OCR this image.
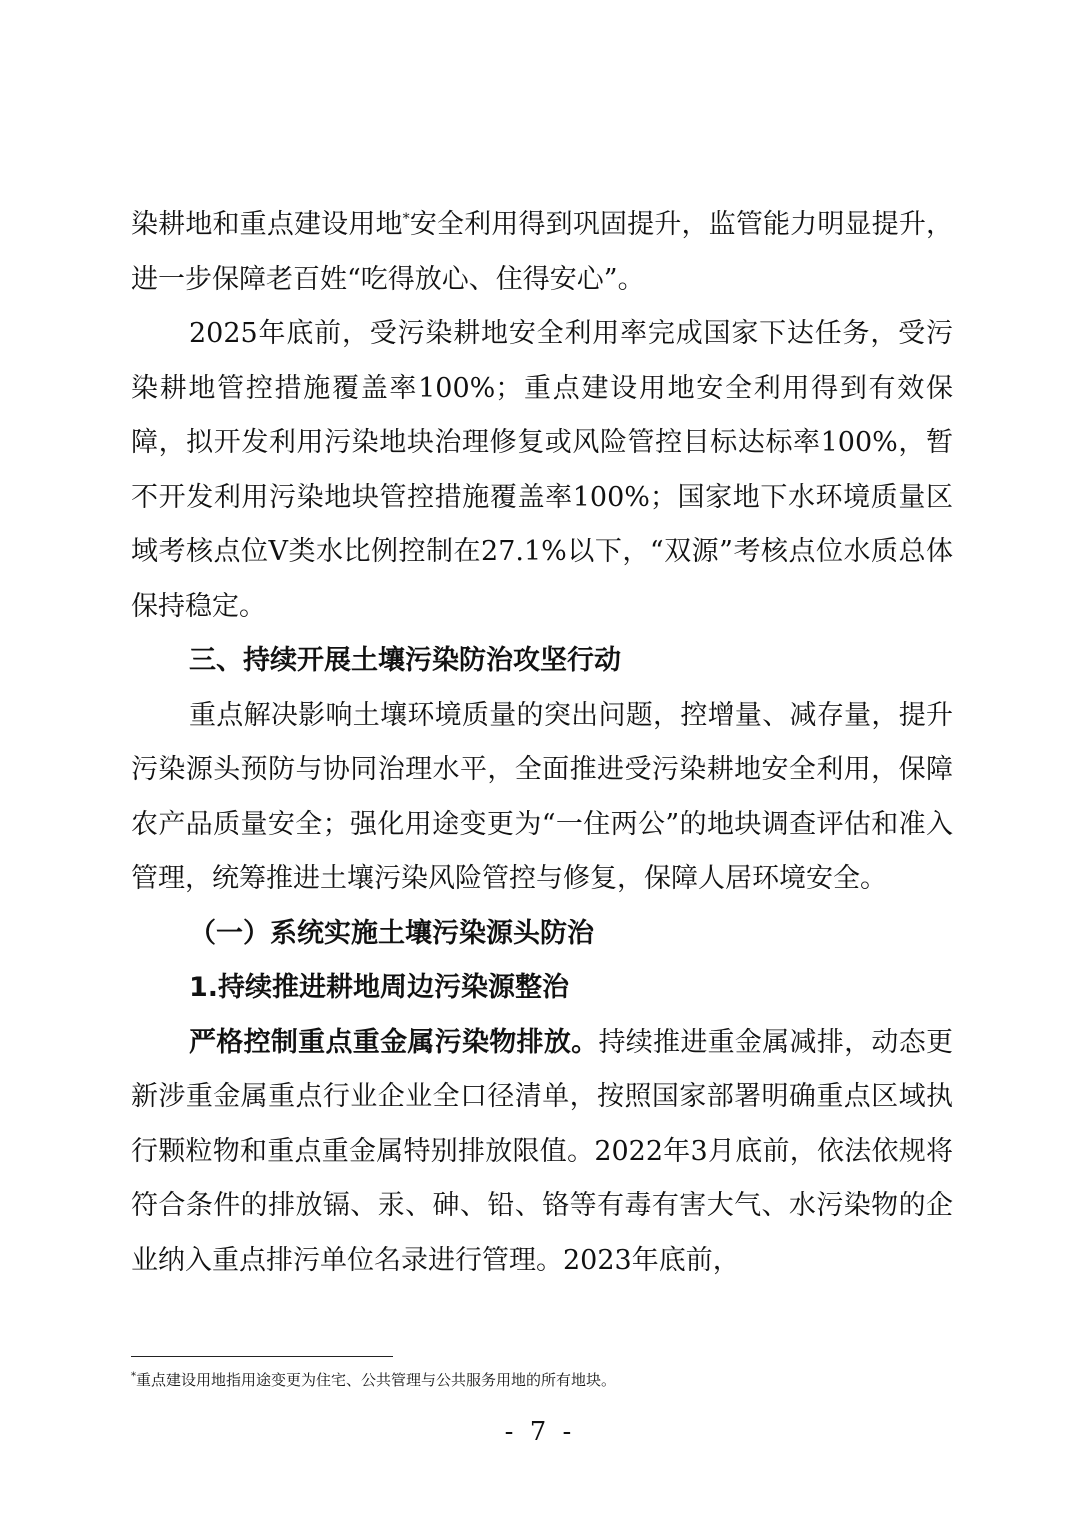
染耕地和重点建设用地*安全利用得到巩固提升，监管能力明显提升，进一步保障老百姓“吃得放心、住得安心”。

2025年底前，受污染耕地安全利用率完成国家下达任务，受污染耕地管控措施覆盖率100%；重点建设用地安全利用得到有效保障，拟开发利用污染地块治理修复或风险管控目标达标率100%，暂不开发利用污染地块管控措施覆盖率100%；国家地下水环境质量区域考核点位Ⅴ类水比例控制在27.1%以下，“双源”考核点位水质总体保持稳定。

三、持续开展土壤污染防治攻坚行动

重点解决影响土壤环境质量的突出问题，控增量、减存量，提升污染源头预防与协同治理水平，全面推进受污染耕地安全利用，保障农产品质量安全；强化用途变更为“一住两公”的地块调查评估和准入管理，统筹推进土壤污染风险管控与修复，保障人居环境安全。

（一）系统实施土壤污染源头防治

1.持续推进耕地周边污染源整治

严格控制重点重金属污染物排放。持续推进重金属减排，动态更新涉重金属重点行业企业全口径清单，按照国家部署明确重点区域执行颗粒物和重点重金属特别排放限值。2022年3月底前，依法依规将符合条件的排放镉、汞、砷、铅、铬等有毒有害大气、水污染物的企业纳入重点排污单位名录进行管理。2023年底前，

*重点建设用地指用途变更为住宅、公共管理与公共服务用地的所有地块。
- 7 -
